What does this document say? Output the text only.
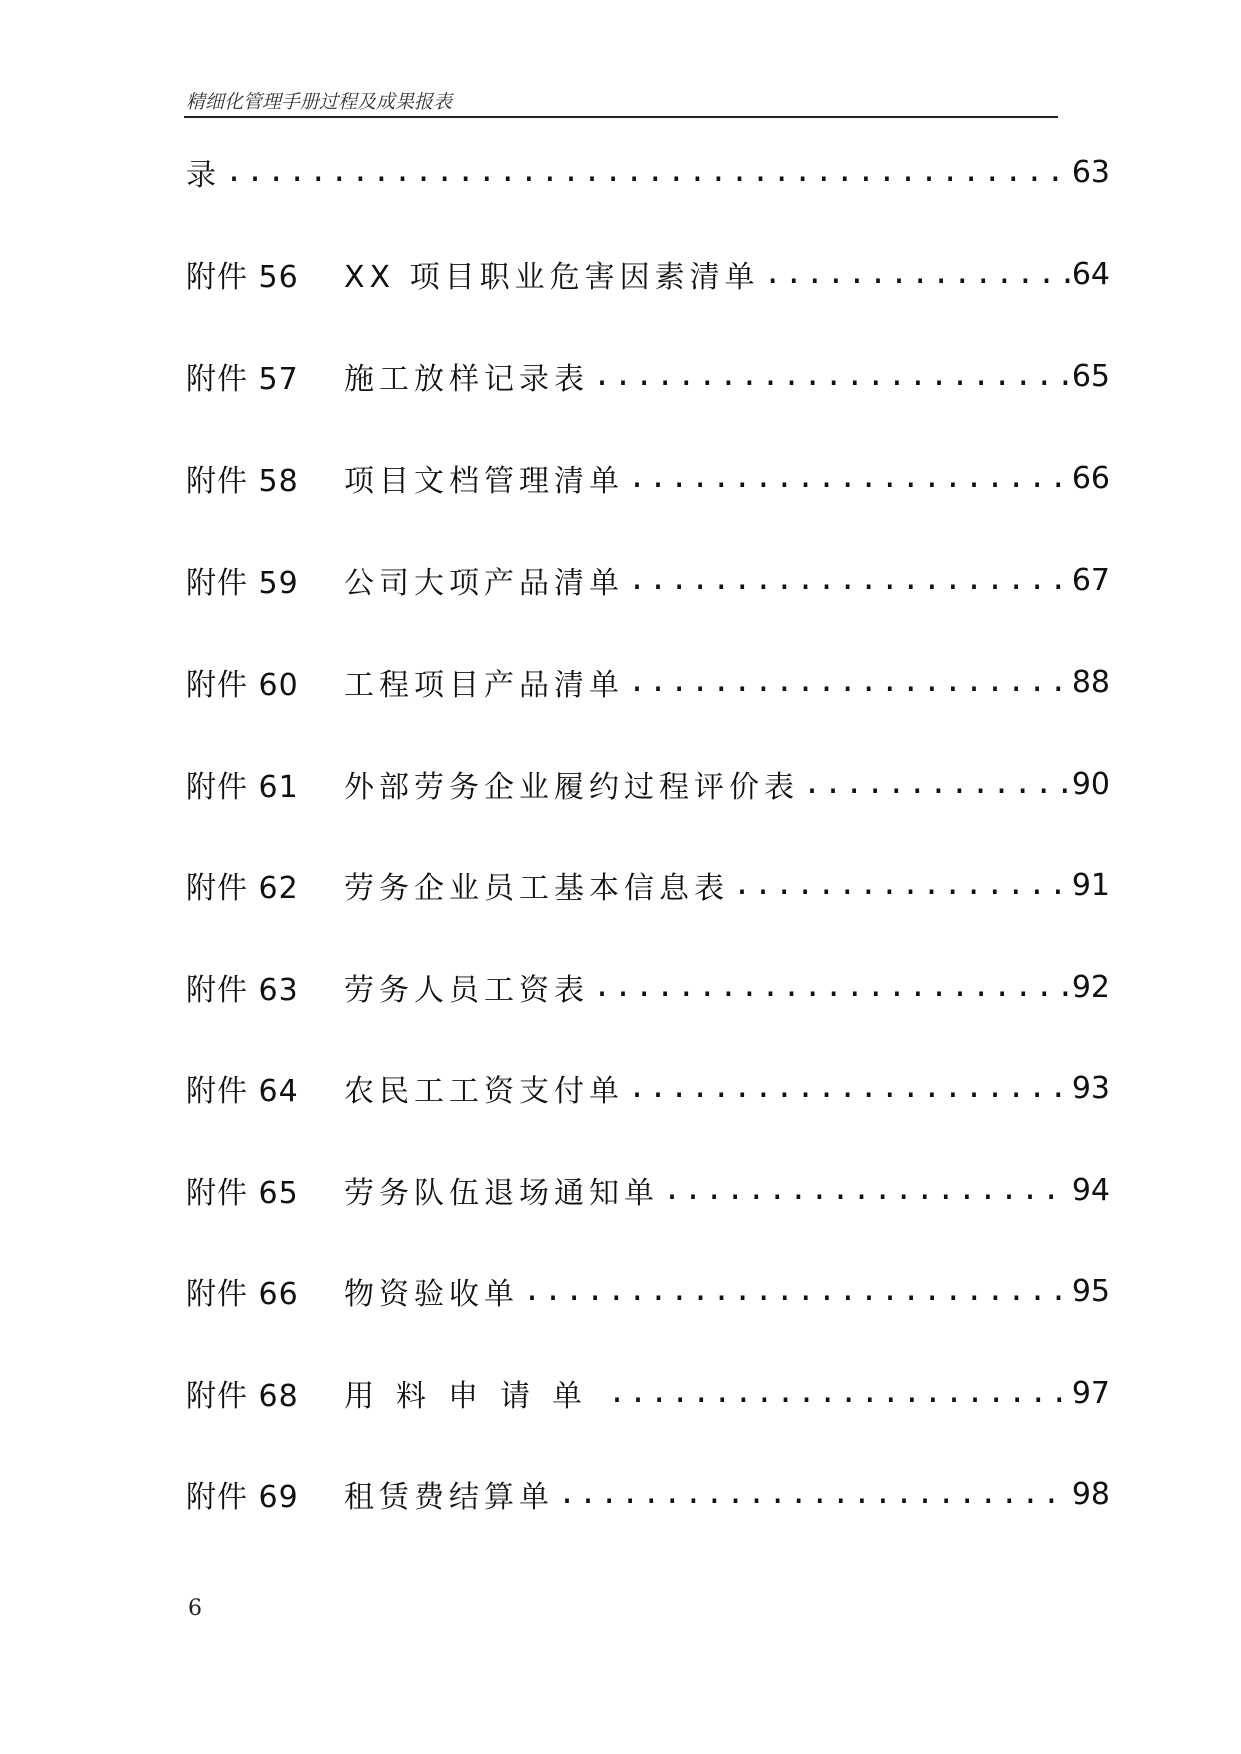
精细化管理手册过程及成果报表
录 .....	63
附件 56	XX 项目职业危害因素清单 .....	64
附件 57	施工放样记录表 .....	65
附件 58	项目文档管理清单 .....	66
附件 59	公司大项产品清单 .....	67
附件 60	工程项目产品清单 .....	88
附件 61	外部劳务企业履约过程评价表 .....	90
附件 62	劳务企业员工基本信息表 .....	91
附件 63	劳务人员工资表 .....	92
附件 64	农民工工资支付单 .....	93
附件 65	劳务队伍退场通知单 .....	94
附件 66	物资验收单 .....	95
附件 68	用料申请单 .....	97
附件 69	租赁费结算单 .....	98
6
